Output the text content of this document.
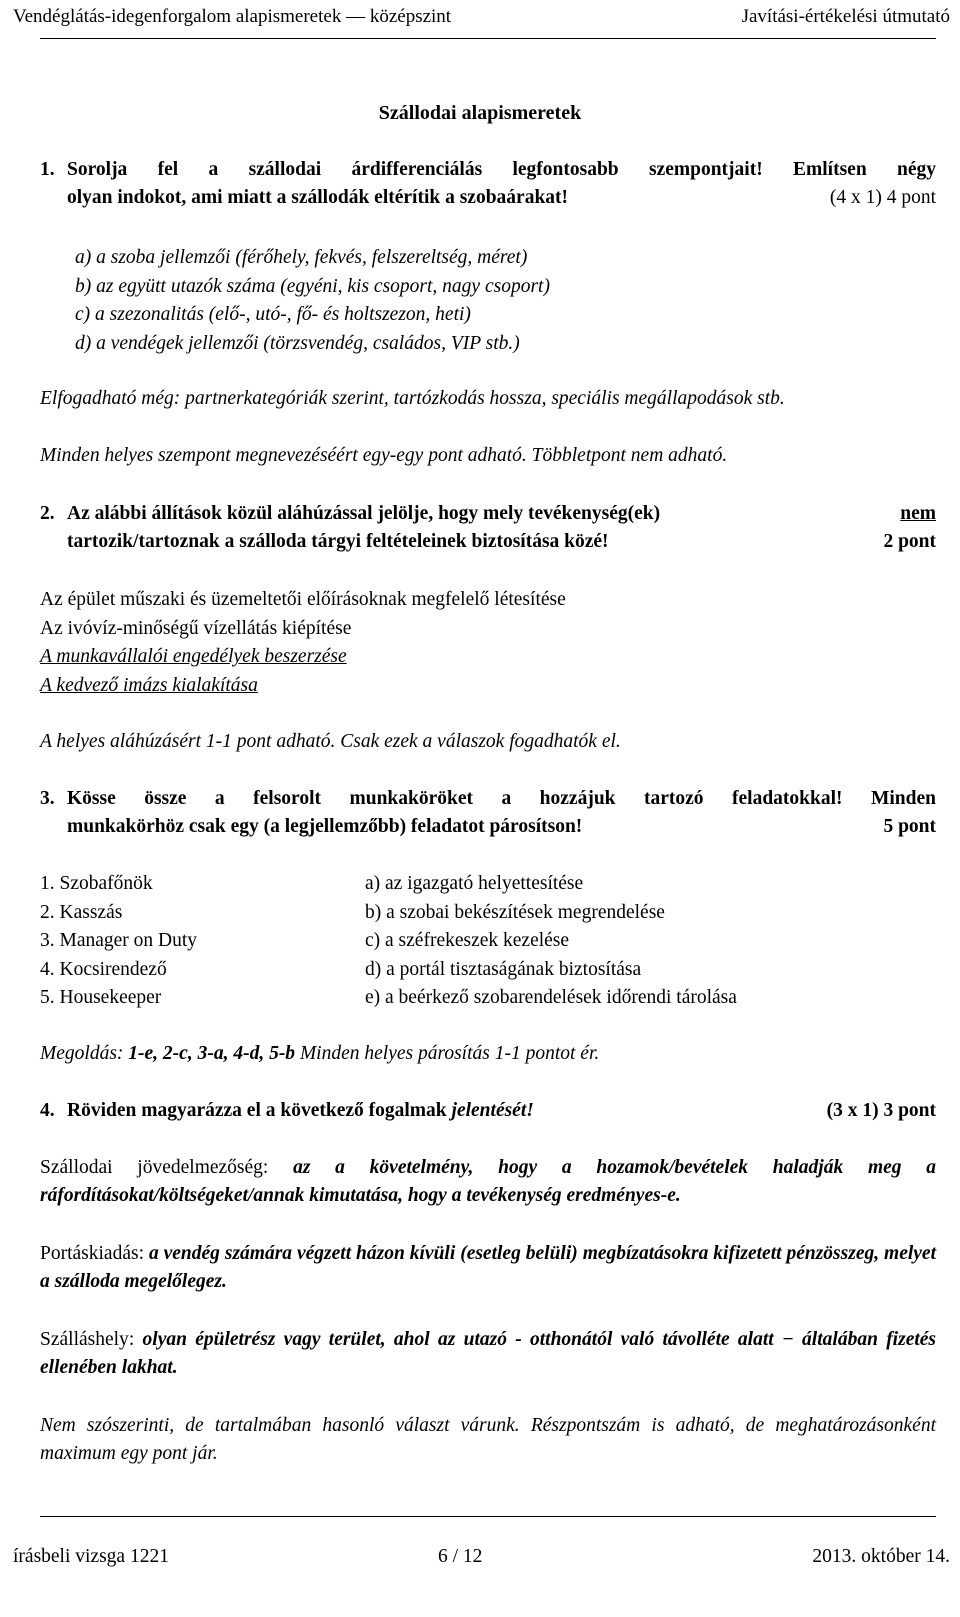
Vendéglátás-idegenforgalom alapismeretek — középszint	Javítási-értékelési útmutató
Szállodai alapismeretek
1. Sorolja fel a szállodai árdifferenciálás legfontosabb szempontjait! Említsen négy
olyan indokot, ami miatt a szállodák eltérítik a szobaárakat!	(4 x 1) 4 pont
a) a szoba jellemzői (férőhely, fekvés, felszereltség, méret)
b) az együtt utazók száma (egyéni, kis csoport, nagy csoport)
c) a szezonalitás (elő-, utó-, fő- és holtszezon, heti)
d) a vendégek jellemzői (törzsvendég, családos, VIP stb.)
Elfogadható még: partnerkategóriák szerint, tartózkodás hossza, speciális megállapodások stb.
Minden helyes szempont megnevezéséért egy-egy pont adható. Többletpont nem adható.
2. Az alábbi állítások közül aláhúzással jelölje, hogy mely tevékenység(ek)	nem
tartozik/tartoznak a szálloda tárgyi feltételeinek biztosítása közé!	2 pont
Az épület műszaki és üzemeltetői előírásoknak megfelelő létesítése
Az ivóvíz-minőségű vízellátás kiépítése
A munkavállalói engedélyek beszerzése
A kedvező imázs kialakítása
A helyes aláhúzásért 1-1 pont adható. Csak ezek a válaszok fogadhatók el.
3. Kösse össze a felsorolt munkaköröket a hozzájuk tartozó feladatokkal! Minden
munkakörhöz csak egy (a legjellemzőbb) feladatot párosítson!	5 pont
1. Szobafőnök	a) az igazgató helyettesítése
2. Kasszás	b) a szobai bekészítések megrendelése
3. Manager on Duty	c) a széfrekeszek kezelése
4. Kocsirendező	d) a portál tisztaságának biztosítása
5. Housekeeper	e) a beérkező szobarendelések időrendi tárolása
Megoldás: 1-e, 2-c, 3-a, 4-d, 5-b Minden helyes párosítás 1-1 pontot ér.
4. Röviden magyarázza el a következő fogalmak jelentését!	(3 x 1) 3 pont
Szállodai jövedelmezőség: az a követelmény, hogy a hozamok/bevételek haladják meg a ráfordításokat/költségeket/annak kimutatása, hogy a tevékenység eredményes-e.
Portáskiadás: a vendég számára végzett házon kívüli (esetleg belüli) megbízatásokra kifizetett pénzösszeg, melyet a szálloda megelőlegez.
Szálláshely: olyan épületrész vagy terület, ahol az utazó - otthonától való távolléte alatt − általában fizetés ellenében lakhat.
Nem szószerinti, de tartalmában hasonló választ várunk. Részpontszám is adható, de meghatározásonként maximum egy pont jár.
írásbeli vizsga 1221	6 / 12	2013. október 14.
